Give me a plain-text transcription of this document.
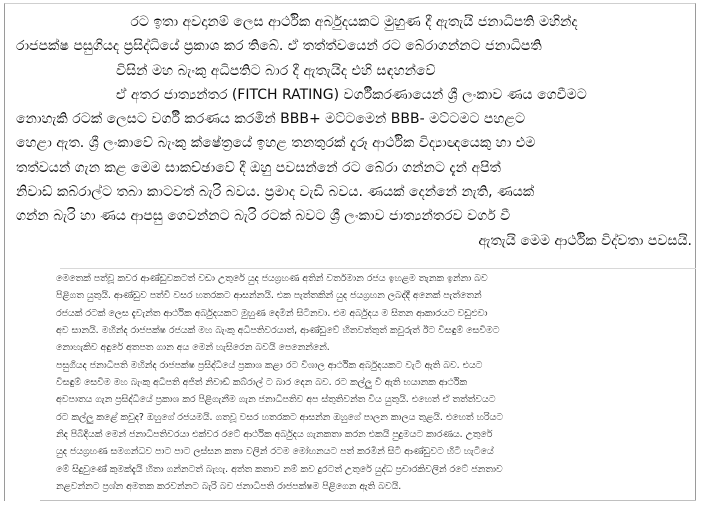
රට ඉතා අවදානම් ලෙස ආර්ථික අර්බුදයකට මුහුණ දී ඇතැයි ජනාධිපති මහින්ද
රාජපක්ෂ පසුගියද ප්‍රසිද්ධියේ ප්‍රකාශ කර තිබේ. ඒ තත්ත්වයෙන් රට බේරාගන්නට ජනාධිපති
විසින් මහ බැංකු අධිපතිට බාර දී ඇතැයිද එහි සඳහන්වේ
ඒ අතර ජාත්‍යන්තර (FITCH RATING) වර්ගීකරණායෙන් ශ්‍රී ලංකාව ණය ගෙවීමට
නොහැකි රටක් ලෙසට වර්ගී කරණය කරමින් BBB+ මට්ටමෙන් BBB- මට්ටමට පහළට
හෙළා ඇත. ශ්‍රී ලංකාවේ බැංකු ක්ෂේත්‍රයේ ඉහළ තනතුරක් දැරූ ආර්ථික විද්‍යාඥයෙකු හා එම
තත්වයන් ගැන කළ මෙම සාකච්ඡාවේ දී ඔහු පවසන්නේ රට බේරා ගන්නට දැන් අපිත්
නිවාඩ් කබ්රාල්ට තබා කාටවත් බැරි බවය. ප්‍රමාද වැඩි බවය. ණයක් දෙන්නේ නැති, ණයක්
ගන්න බැරි හා ණය ආපසු ගෙවන්නට බැරි රටක් බවට ශ්‍රී ලංකාව ජාත්‍යන්තරව වර්ග වී
ඇතැයි මෙම ආර්ථික විද්වතා පවසයි.
මෙතෙක් පත්වූ කවර ආණ්ඩුවකටත් වඩා උතුරේ යුද ජයග්‍රහණ අතින් වර්තමාන රජය ඉහළම තැනක ඉන්නා බව
පිළිගත යුතුයි. ආණ්ඩුව පත්වී වසර හතරකට ආසන්නයි. එක පැත්තකින් යුද ජයග්‍රහන ලබද්දී අනෙක් පැත්තෙන්
රජයක් රටක් ලෙස දැවැන්ත ආර්ථික අර්බුදයකට මුහුණ දෙමින් සිටිනවා. එම අර්බුදය ම සිතන ආකාරයට වඩුළුවා
අව සානයි. මහින්ද රාජපක්ෂ රජයක් මහ බැංකු අධිපතිවරයාත්, ආණ්ඩුවේ හිතවත්තුත් කවුරුත් ඊට විසඳුම් සෙවීමට
නොහැකිව අඳුරේ අතපත ගාන අය මෙන් හැසිරෙන බවයි පෙනෙන්නේ.
පසුගියද ජනාධිපති මහින්ද රාජපක්ෂ ප්‍රසිද්ධියේ ප්‍රකාශ කළා රට විශාල ආර්ථික අර්බුදයකට වැටී ඇති බව. එයට
විසඳුම් සෙවීම මහ බැංකු අධිපති අජිත් නිවාඩ් කබ්රාල් ට බාර දෙන බව. රට කල්ලු වී ඇති භයානක ආර්ථික
අවපාතය ගැන ප්‍රසිද්ධියේ ප්‍රකාශ කර පිළිගැනීම ගැන ජනාධිපතිව අප ස්තුතිවන්ත විය යුතුයි. එහෙත් ඒ තත්ත්වයට
රට කල්ලු කළේ කවුද? ඔහුගේ රජයමයි. ගතවූ වසර හතරකට ආසන්න ඔහුගේ පාලන කාලය තුළයි. එහෙත් හරියට
නිද පිබිදියක් මෙන් ජනාධිපතිවරයා එක්වර රටේ ආර්ථික අර්බුදය ගැනකතා කරන එකයි පුදුමයට කාරණය. උතුරේ
යුද ජයග්‍රහණ සමගන්ධව පාට පාට ලස්සන කතා වලින් රටම මෝහනයට පත් කරමින් සිටි ආණ්ඩුවට හිටි හැටියේ
මේ සිදුවුණේ කුමක්දැයි හිතා ගන්නටත් බැහැ. අත්ත කතාව නම් කව දුරටත් උතුරේ යුද්ධ ප්‍රචාරකිවලින් රටේ ජනතාව
නළවන්නට ප්‍රශ්න අමතක කරවන්නට බැරි බව ජනාධිපති රාජපක්ෂම පිළිගෙන ඇති බවයි.
